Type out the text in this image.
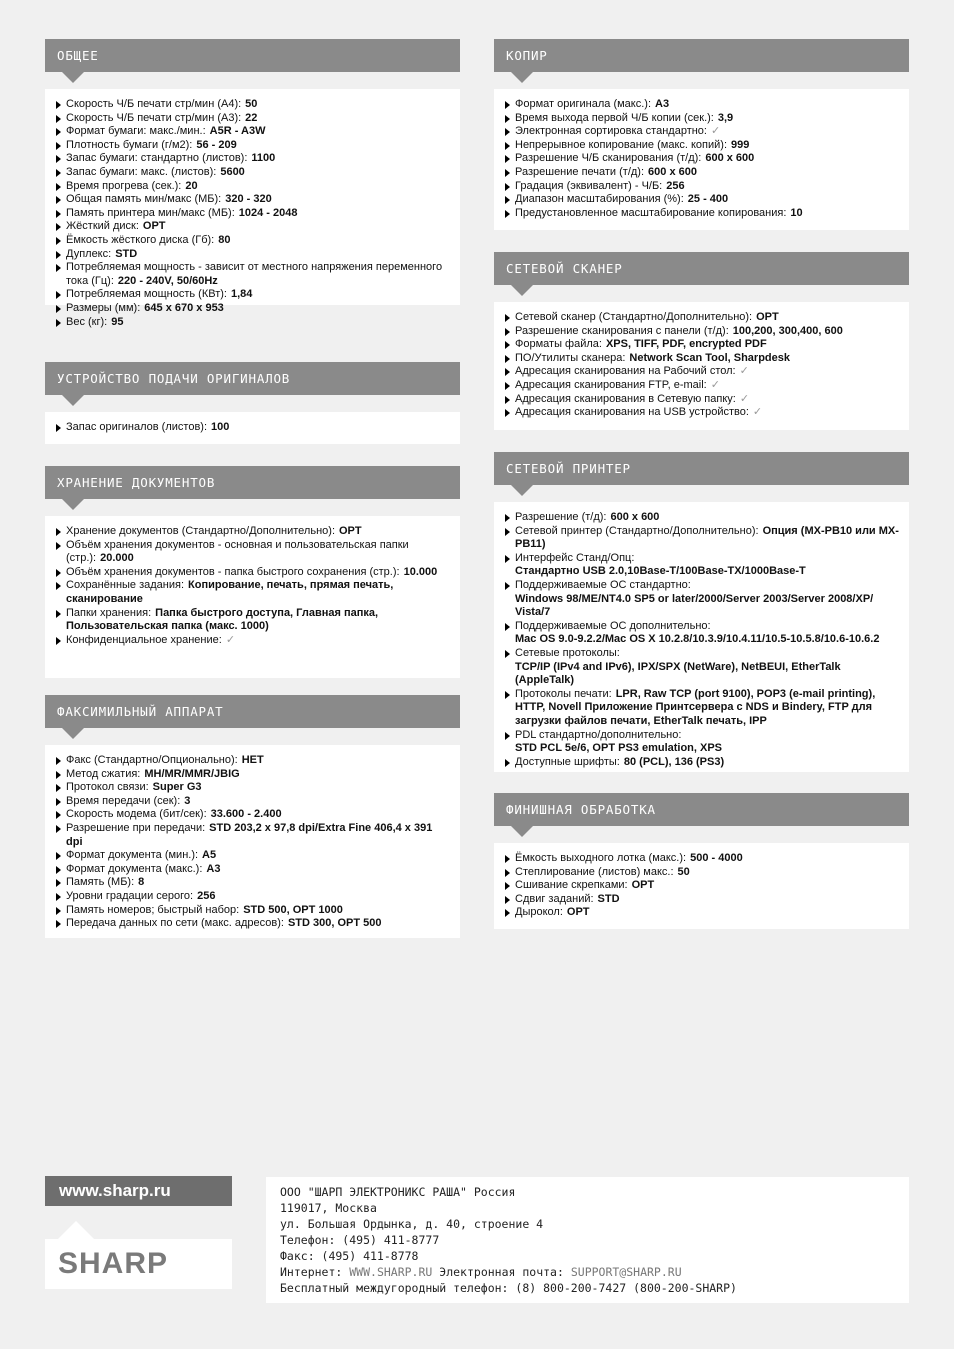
ОБЩЕЕ
Скорость Ч/Б печати стр/мин (А4): 50
Скорость Ч/Б печати стр/мин (А3): 22
Формат бумаги: макс./мин.: A5R - A3W
Плотность бумаги (г/м2): 56 - 209
Запас бумаги: стандартно (листов): 1100
Запас бумаги: макс. (листов): 5600
Время прогрева (сек.): 20
Общая память мин/макс (МБ): 320 - 320
Память принтера мин/макс (МБ): 1024 - 2048
Жёсткий диск: OPT
Ёмкость жёсткого диска (Гб): 80
Дуплекс: STD
Потребляемая мощность - зависит от местного напряжения переменного тока (Гц): 220 - 240V, 50/60Hz
Потребляемая мощность (КВт): 1,84
Размеры (мм): 645 x 670 x 953
Вес (кг): 95
УСТРОЙСТВО ПОДАЧИ ОРИГИНАЛОВ
Запас оригиналов (листов): 100
ХРАНЕНИЕ ДОКУМЕНТОВ
Хранение документов (Стандартно/Дополнительно): OPT
Объём хранения документов - основная и пользовательская папки (стр.): 20.000
Объём хранения документов - папка быстрого сохранения (стр.): 10.000
Сохранённые задания: Копирование, печать, прямая печать, сканирование
Папки хранения: Папка быстрого доступа, Главная папка, Пользовательская папка (макс. 1000)
Конфиденциальное хранение: ✓
ФАКСИМИЛЬНЫЙ АППАРАТ
Факс (Стандартно/Опционально): НЕТ
Метод сжатия: MH/MR/MMR/JBIG
Протокол связи: Super G3
Время передачи (сек): 3
Скорость модема (бит/сек): 33.600 - 2.400
Разрешение при передачи: STD 203,2 x 97,8 dpi/Extra Fine 406,4 x 391 dpi
Формат документа (мин.): A5
Формат документа (макс.): A3
Память (МБ): 8
Уровни градации серого: 256
Память номеров; быстрый набор: STD 500, OPT 1000
Передача данных по сети (макс. адресов): STD 300, OPT 500
КОПИР
Формат оригинала (макс.): A3
Время выхода первой Ч/Б копии (сек.): 3,9
Электронная сортировка стандартно: ✓
Непрерывное копирование (макс. копий): 999
Разрешение Ч/Б сканирования (т/д): 600 x 600
Разрешение печати (т/д): 600 x 600
Градация (эквивалент) - Ч/Б: 256
Диапазон масштабирования (%): 25 - 400
Предустановленное масштабирование копирования: 10
СЕТЕВОЙ СКАНЕР
Сетевой сканер (Стандартно/Дополнительно): OPT
Разрешение сканирования с панели (т/д): 100,200, 300,400, 600
Форматы файла: XPS, TIFF, PDF, encrypted PDF
ПО/Утилиты сканера: Network Scan Tool, Sharpdesk
Адресация сканирования на Рабочий стол: ✓
Адресация сканирования FTP, e-mail: ✓
Адресация сканирования в Сетевую папку: ✓
Адресация сканирования на USB устройство: ✓
СЕТЕВОЙ ПРИНТЕР
Разрешение (т/д): 600 x 600
Сетевой принтер (Стандартно/Дополнительно): Опция (MX-PB10 или MX-PB11)
Интерфейс Станд/Опц:
Стандартно USB 2.0,10Base-T/100Base-TX/1000Base-T
Поддерживаемые ОС стандартно:
Windows 98/ME/NT4.0 SP5 or later/2000/Server 2003/Server 2008/XP/ Vista/7
Поддерживаемые ОС дополнительно:
Mac OS 9.0-9.2.2/Mac OS X 10.2.8/10.3.9/10.4.11/10.5-10.5.8/10.6-10.6.2
Сетевые протоколы:
TCP/IP (IPv4 and IPv6), IPX/SPX (NetWare), NetBEUI, EtherTalk (AppleTalk)
Протоколы печати: LPR, Raw TCP (port 9100), POP3 (e-mail printing), HTTP, Novell Приложение Принтсервера с NDS и Bindery, FTP для загрузки файлов печати, EtherTalk печать, IPP
PDL стандартно/дополнительно:
STD PCL 5e/6, OPT PS3 emulation, XPS
Доступные шрифты: 80 (PCL), 136 (PS3)
ФИНИШНАЯ ОБРАБОТКА
Ёмкость выходного лотка (макс.): 500 - 4000
Степлирование (листов) макс.: 50
Сшивание скрепками: OPT
Сдвиг заданий: STD
Дырокол: OPT
www.sharp.ru
SHARP
ООО "ШАРП ЭЛЕКТРОНИКС РАША" Россия
119017, Москва
ул. Большая Ордынка, д. 40, строение 4
Телефон: (495) 411-8777
Факс: (495) 411-8778
Интернет: WWW.SHARP.RU Электронная почта: SUPPORT@SHARP.RU
Бесплатный междугородный телефон: (8) 800-200-7427 (800-200-SHARP)
